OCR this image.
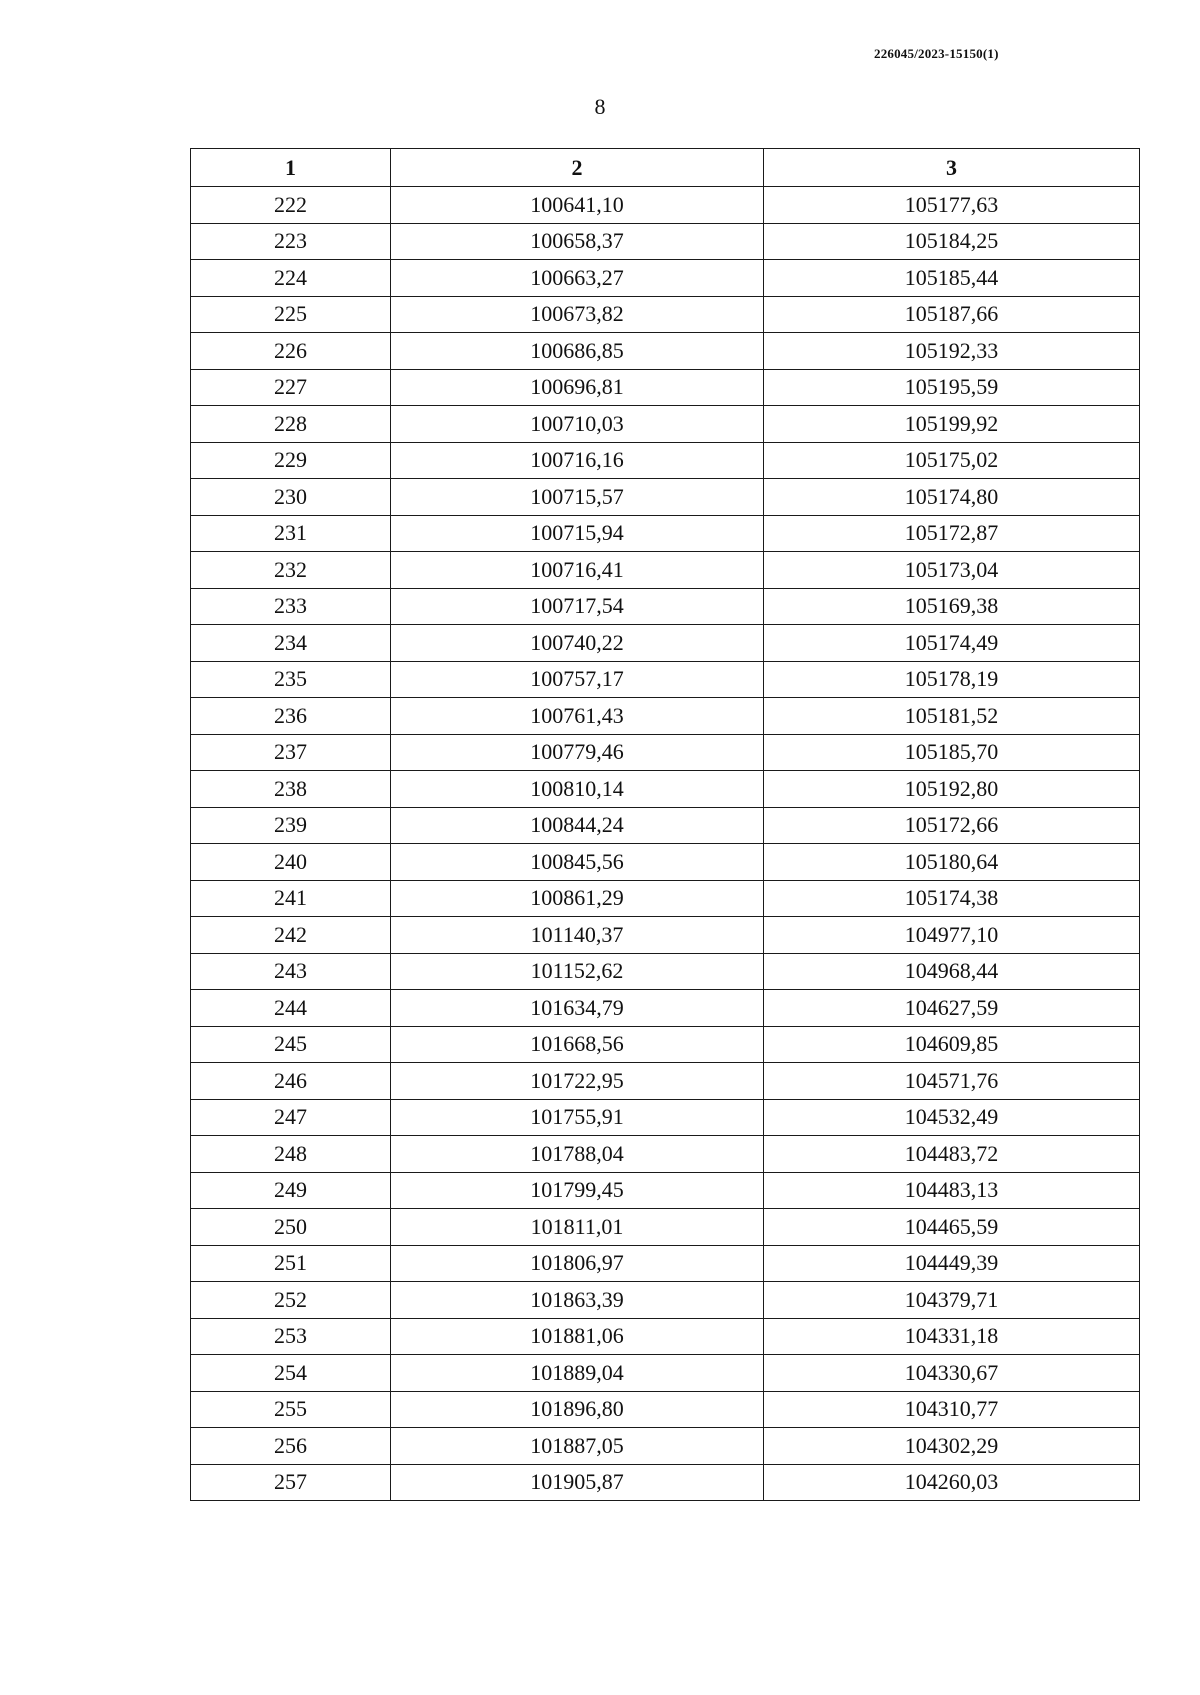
226045/2023-15150(1)
8
1	2	3
222	100641,10	105177,63
223	100658,37	105184,25
224	100663,27	105185,44
225	100673,82	105187,66
226	100686,85	105192,33
227	100696,81	105195,59
228	100710,03	105199,92
229	100716,16	105175,02
230	100715,57	105174,80
231	100715,94	105172,87
232	100716,41	105173,04
233	100717,54	105169,38
234	100740,22	105174,49
235	100757,17	105178,19
236	100761,43	105181,52
237	100779,46	105185,70
238	100810,14	105192,80
239	100844,24	105172,66
240	100845,56	105180,64
241	100861,29	105174,38
242	101140,37	104977,10
243	101152,62	104968,44
244	101634,79	104627,59
245	101668,56	104609,85
246	101722,95	104571,76
247	101755,91	104532,49
248	101788,04	104483,72
249	101799,45	104483,13
250	101811,01	104465,59
251	101806,97	104449,39
252	101863,39	104379,71
253	101881,06	104331,18
254	101889,04	104330,67
255	101896,80	104310,77
256	101887,05	104302,29
257	101905,87	104260,03
